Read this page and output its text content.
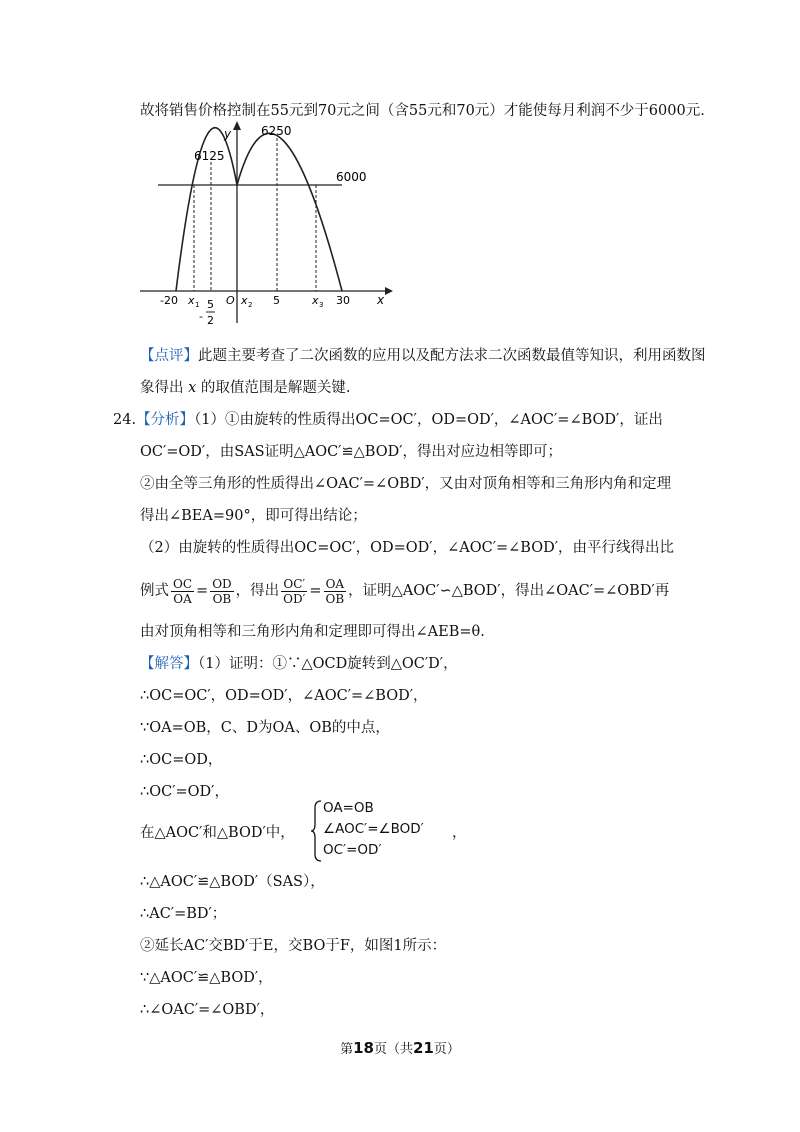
故将销售价格控制在55元到70元之间（含55元和70元）才能使每月利润不少于6000元.
y
6125
6250
6000
-20 x 1
-
5
2
O x 2 5	x 3 30 x
【点评】此题主要考查了二次函数的应用以及配方法求二次函数最值等知识，利用函数图
象得出 x 的取值范围是解题关键.
24.【分析】（1）①由旋转的性质得出OC=OC′，OD=OD′，∠AOC′=∠BOD′，证出
OC′=OD′，由SAS证明△AOC′≌△BOD′，得出对应边相等即可；
②由全等三角形的性质得出∠OAC′=∠OBD′，又由对顶角相等和三角形内角和定理
得出∠BEA=90°，即可得出结论；
（2）由旋转的性质得出OC=OC′，OD=OD′，∠AOC′=∠BOD′，由平行线得出比
例式 $\frac{OC}{OA} = \frac{OD}{OB}$ ，得出 $\frac{OC'}{OD'} = \frac{OA}{OB}$ ，证明△AOC′∽△BOD′，得出∠OAC′=∠OBD′再
由对顶角相等和三角形内角和定理即可得出∠AEB=θ.
【解答】（1）证明：①∵△OCD旋转到△OC′D′，
∴OC=OC′，OD=OD′，∠AOC′=∠BOD′，
∵OA=OB，C、D为OA、OB的中点，
∴OC=OD，
∴OC′=OD′，
在△AOC′和△BOD′中，
OA=OB
∠AOC′=∠BOD′
OC′=OD′
，
∴△AOC′≌△BOD′（SAS），
∴AC′=BD′；
②延长AC′交BD′于E，交BO于F，如图1所示：
∵△AOC′≌△BOD′，
∴∠OAC′=∠OBD′，
第18页（共21页）
